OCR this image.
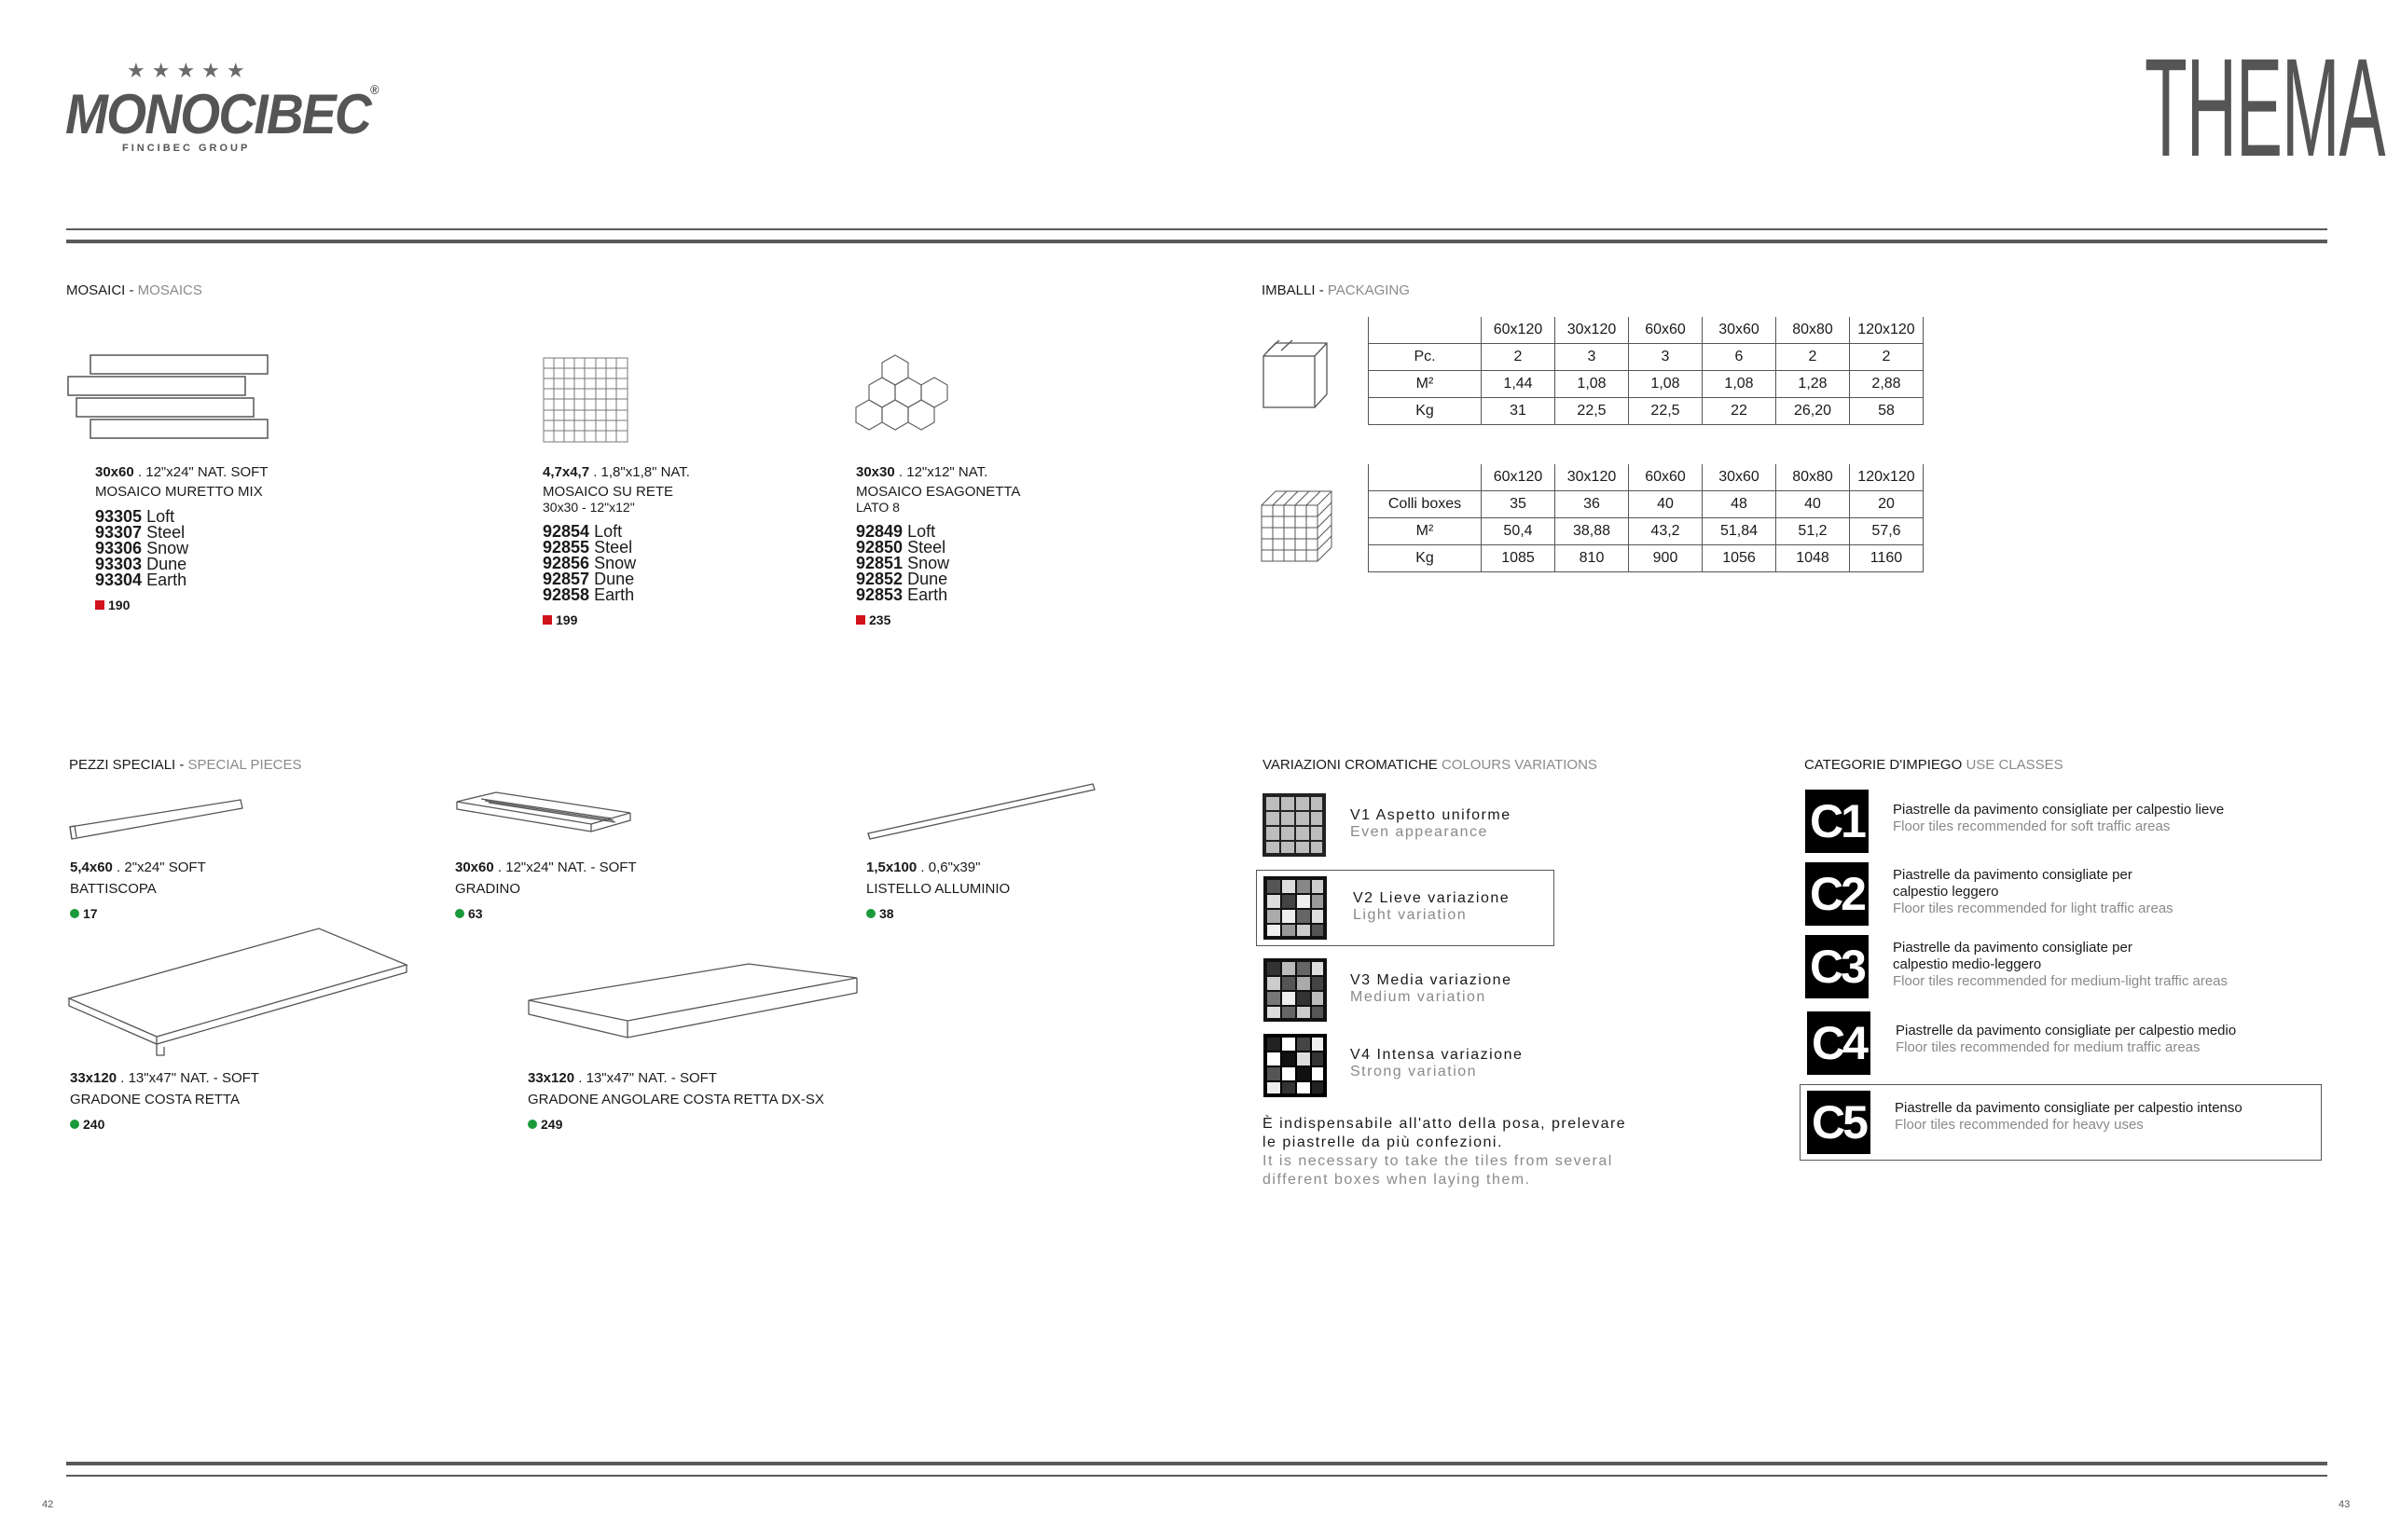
★★★★★
MONOCIBEC®
FINCIBEC GROUP	THEMA
MOSAICI - MOSAICS
30x60 . 12"x24" NAT. SOFT
MOSAICO MURETTO MIX
93305 Loft
93307 Steel
93306 Snow
93303 Dune
93304 Earth
190
4,7x4,7 . 1,8"x1,8" NAT.
MOSAICO SU RETE
30x30 - 12"x12"
92854 Loft
92855 Steel
92856 Snow
92857 Dune
92858 Earth
199
30x30 . 12"x12" NAT.
MOSAICO ESAGONETTA
LATO 8
92849 Loft
92850 Steel
92851 Snow
92852 Dune
92853 Earth
235
IMBALLI - PACKAGING
	60x120	30x120	60x60	30x60	80x80	120x120
Pc.	2	3	3	6	2	2
M²	1,44	1,08	1,08	1,08	1,28	2,88
Kg	31	22,5	22,5	22	26,20	58
	60x120	30x120	60x60	30x60	80x80	120x120
Colli boxes	35	36	40	48	40	20
M²	50,4	38,88	43,2	51,84	51,2	57,6
Kg	1085	810	900	1056	1048	1160
PEZZI SPECIALI - SPECIAL PIECES
5,4x60 . 2"x24" SOFT
BATTISCOPA
17
30x60 . 12"x24" NAT. - SOFT
GRADINO
63
1,5x100 . 0,6"x39"
LISTELLO ALLUMINIO
38
33x120 . 13"x47" NAT. - SOFT
GRADONE COSTA RETTA
240
33x120 . 13"x47" NAT. - SOFT
GRADONE ANGOLARE COSTA RETTA DX-SX
249
VARIAZIONI CROMATICHE COLOURS VARIATIONS
V1 Aspetto uniforme
Even appearance
V2 Lieve variazione
Light variation
V3 Media variazione
Medium variation
V4 Intensa variazione
Strong variation
È indispensabile all'atto della posa, prelevare
le piastrelle da più confezioni.
It is necessary to take the tiles from several
different boxes when laying them.
CATEGORIE D'IMPIEGO USE CLASSES
C1	Piastrelle da pavimento consigliate per calpestio lieve
Floor tiles recommended for soft traffic areas
C2	Piastrelle da pavimento consigliate per
calpestio leggero
Floor tiles recommended for light traffic areas
C3	Piastrelle da pavimento consigliate per
calpestio medio-leggero
Floor tiles recommended for medium-light traffic areas
C4	Piastrelle da pavimento consigliate per calpestio medio
Floor tiles recommended for medium traffic areas
C5	Piastrelle da pavimento consigliate per calpestio intenso
Floor tiles recommended for heavy uses
42	43
